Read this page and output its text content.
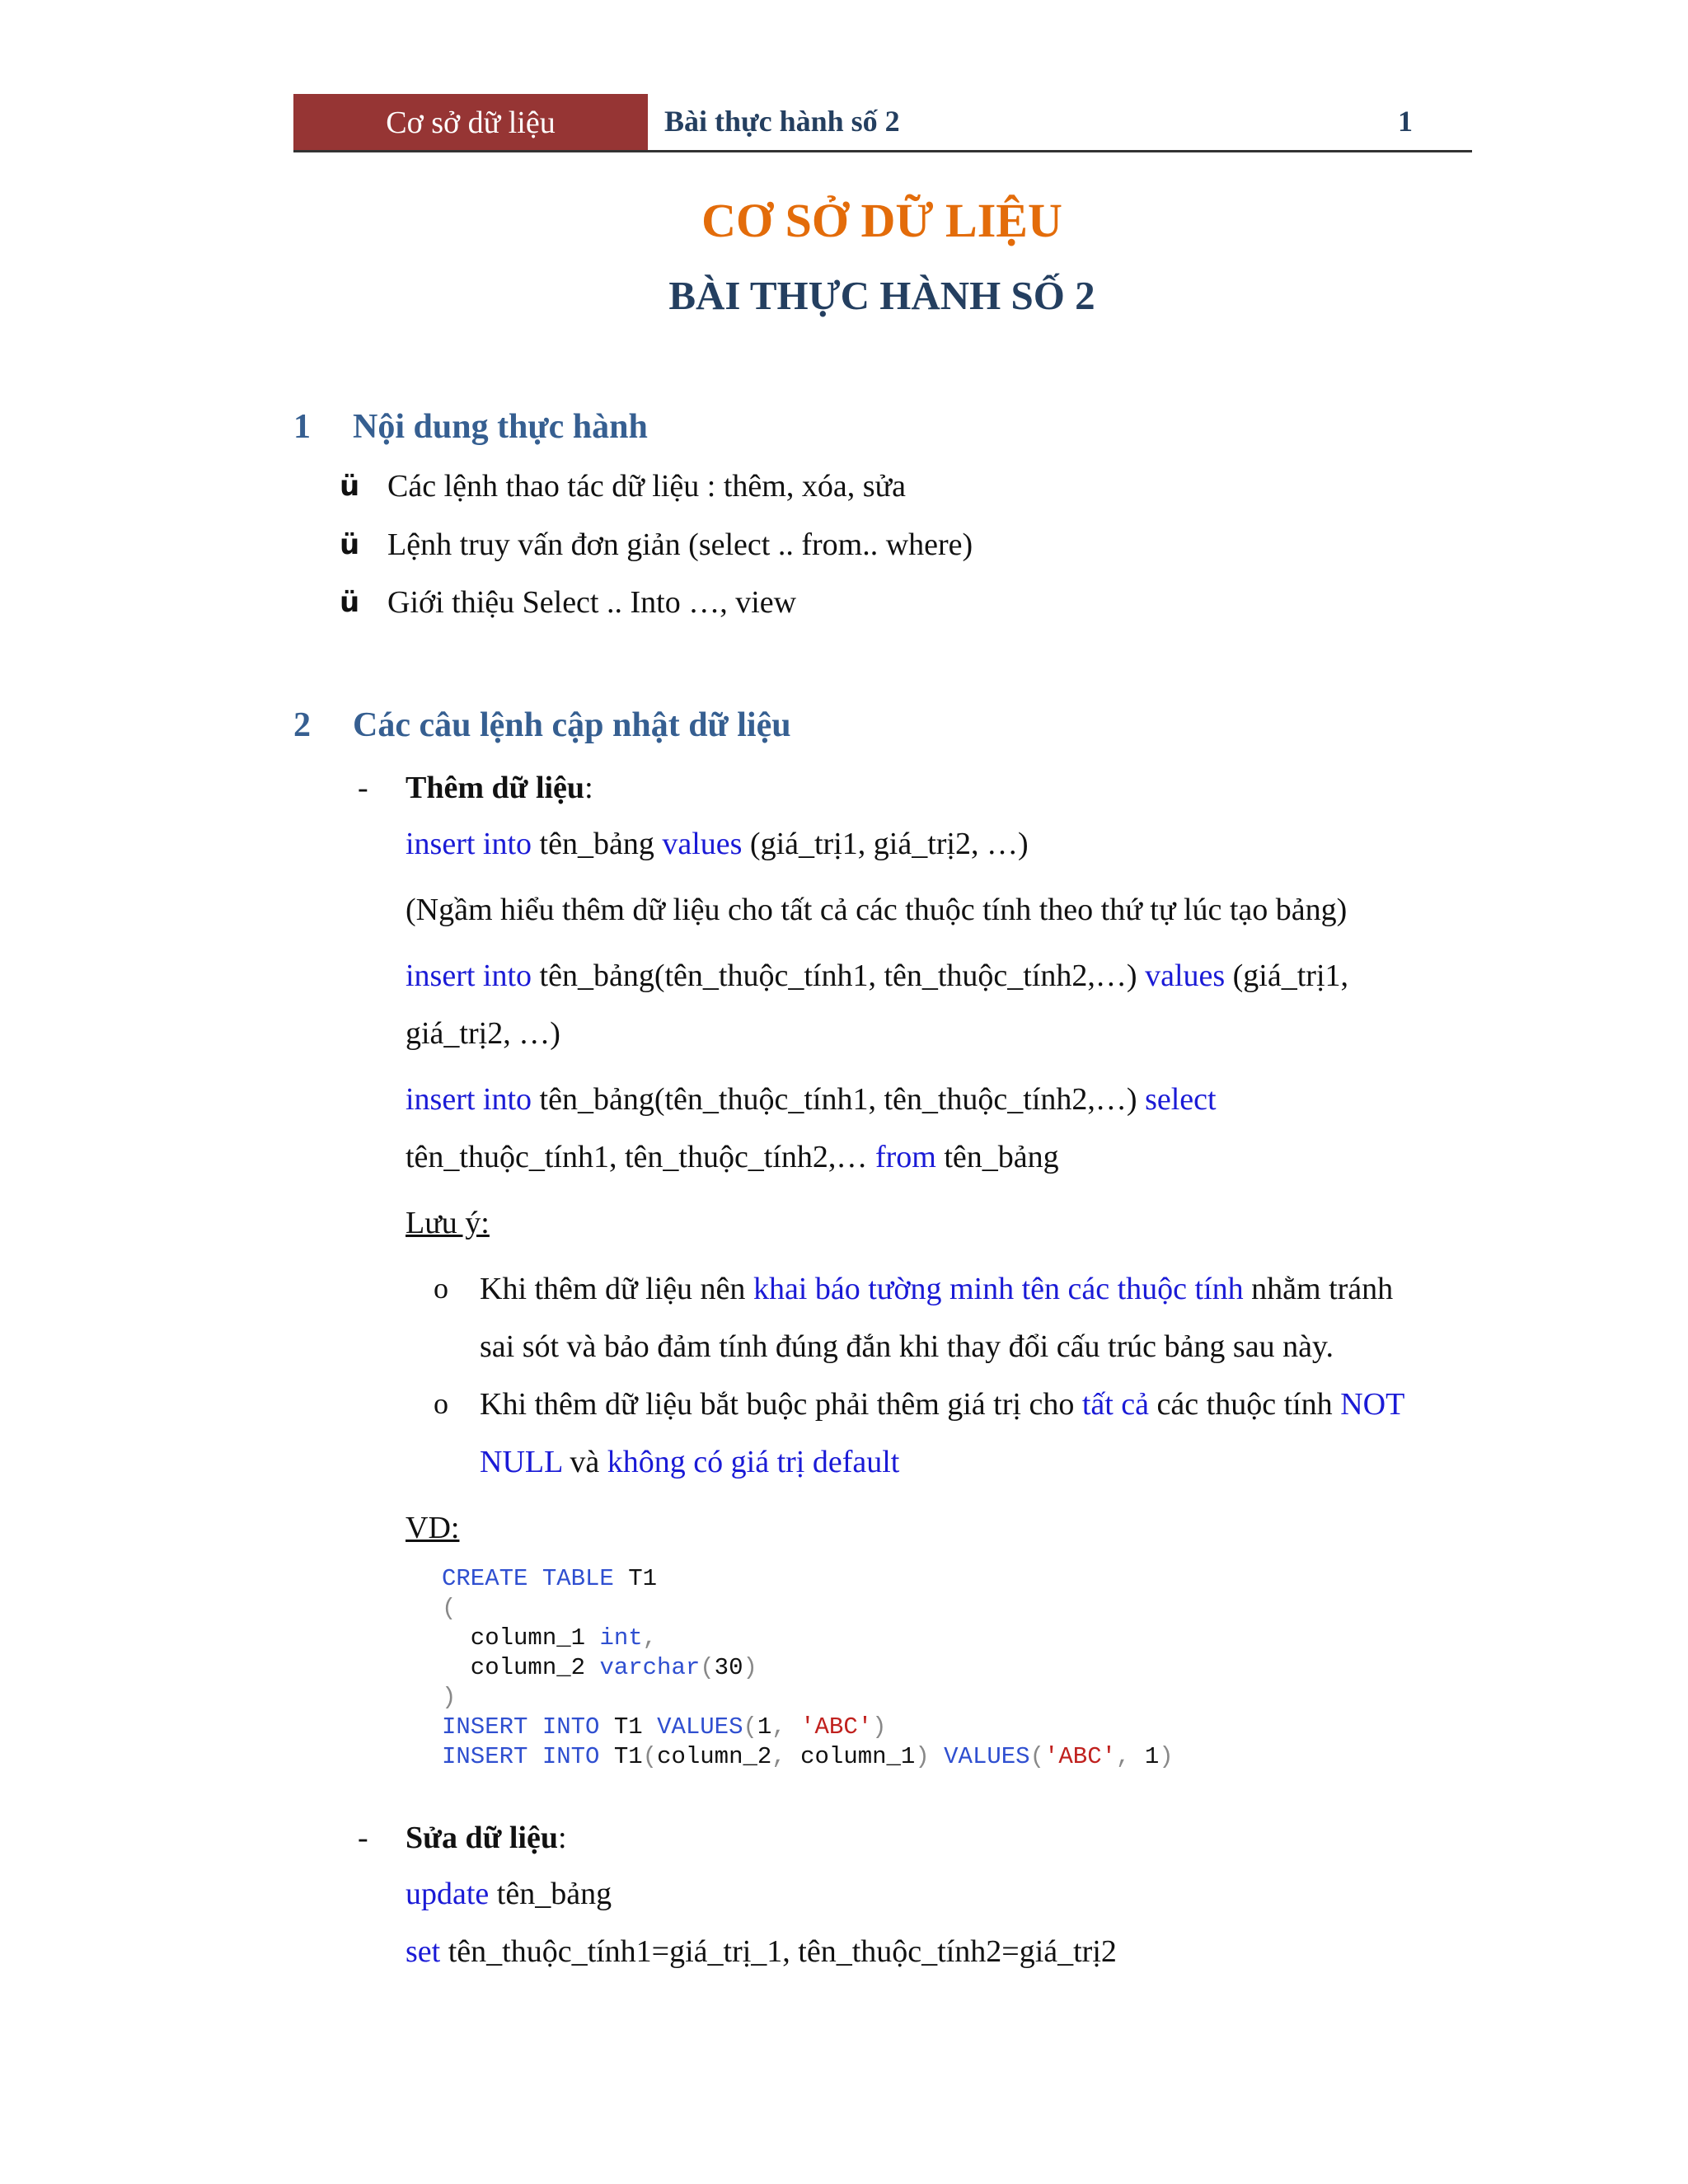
Cơ sở dữ liệu	Bài thực hành số 2	1
CƠ SỞ DỮ LIỆU
BÀI THỰC HÀNH SỐ 2
1 Nội dung thực hành
ü Các lệnh thao tác dữ liệu : thêm, xóa, sửa
ü Lệnh truy vấn đơn giản (select .. from.. where)
ü Giới thiệu Select .. Into …, view
2 Các câu lệnh cập nhật dữ liệu
- Thêm dữ liệu:
insert into tên_bảng values (giá_trị1, giá_trị2, …)
(Ngầm hiểu thêm dữ liệu cho tất cả các thuộc tính theo thứ tự lúc tạo bảng)
insert into tên_bảng(tên_thuộc_tính1, tên_thuộc_tính2,…) values (giá_trị1,
giá_trị2, …)
insert into tên_bảng(tên_thuộc_tính1, tên_thuộc_tính2,…) select
tên_thuộc_tính1, tên_thuộc_tính2,… from tên_bảng
Lưu ý:
o Khi thêm dữ liệu nên khai báo tường minh tên các thuộc tính nhằm tránh
sai sót và bảo đảm tính đúng đắn khi thay đổi cấu trúc bảng sau này.
o Khi thêm dữ liệu bắt buộc phải thêm giá trị cho tất cả các thuộc tính NOT
NULL và không có giá trị default
VD:
CREATE TABLE T1
(
column_1 int,
column_2 varchar(30)
)
INSERT INTO T1 VALUES(1, 'ABC')
INSERT INTO T1(column_2, column_1) VALUES('ABC', 1)
- Sửa dữ liệu:
update tên_bảng
set tên_thuộc_tính1=giá_trị_1, tên_thuộc_tính2=giá_trị2
